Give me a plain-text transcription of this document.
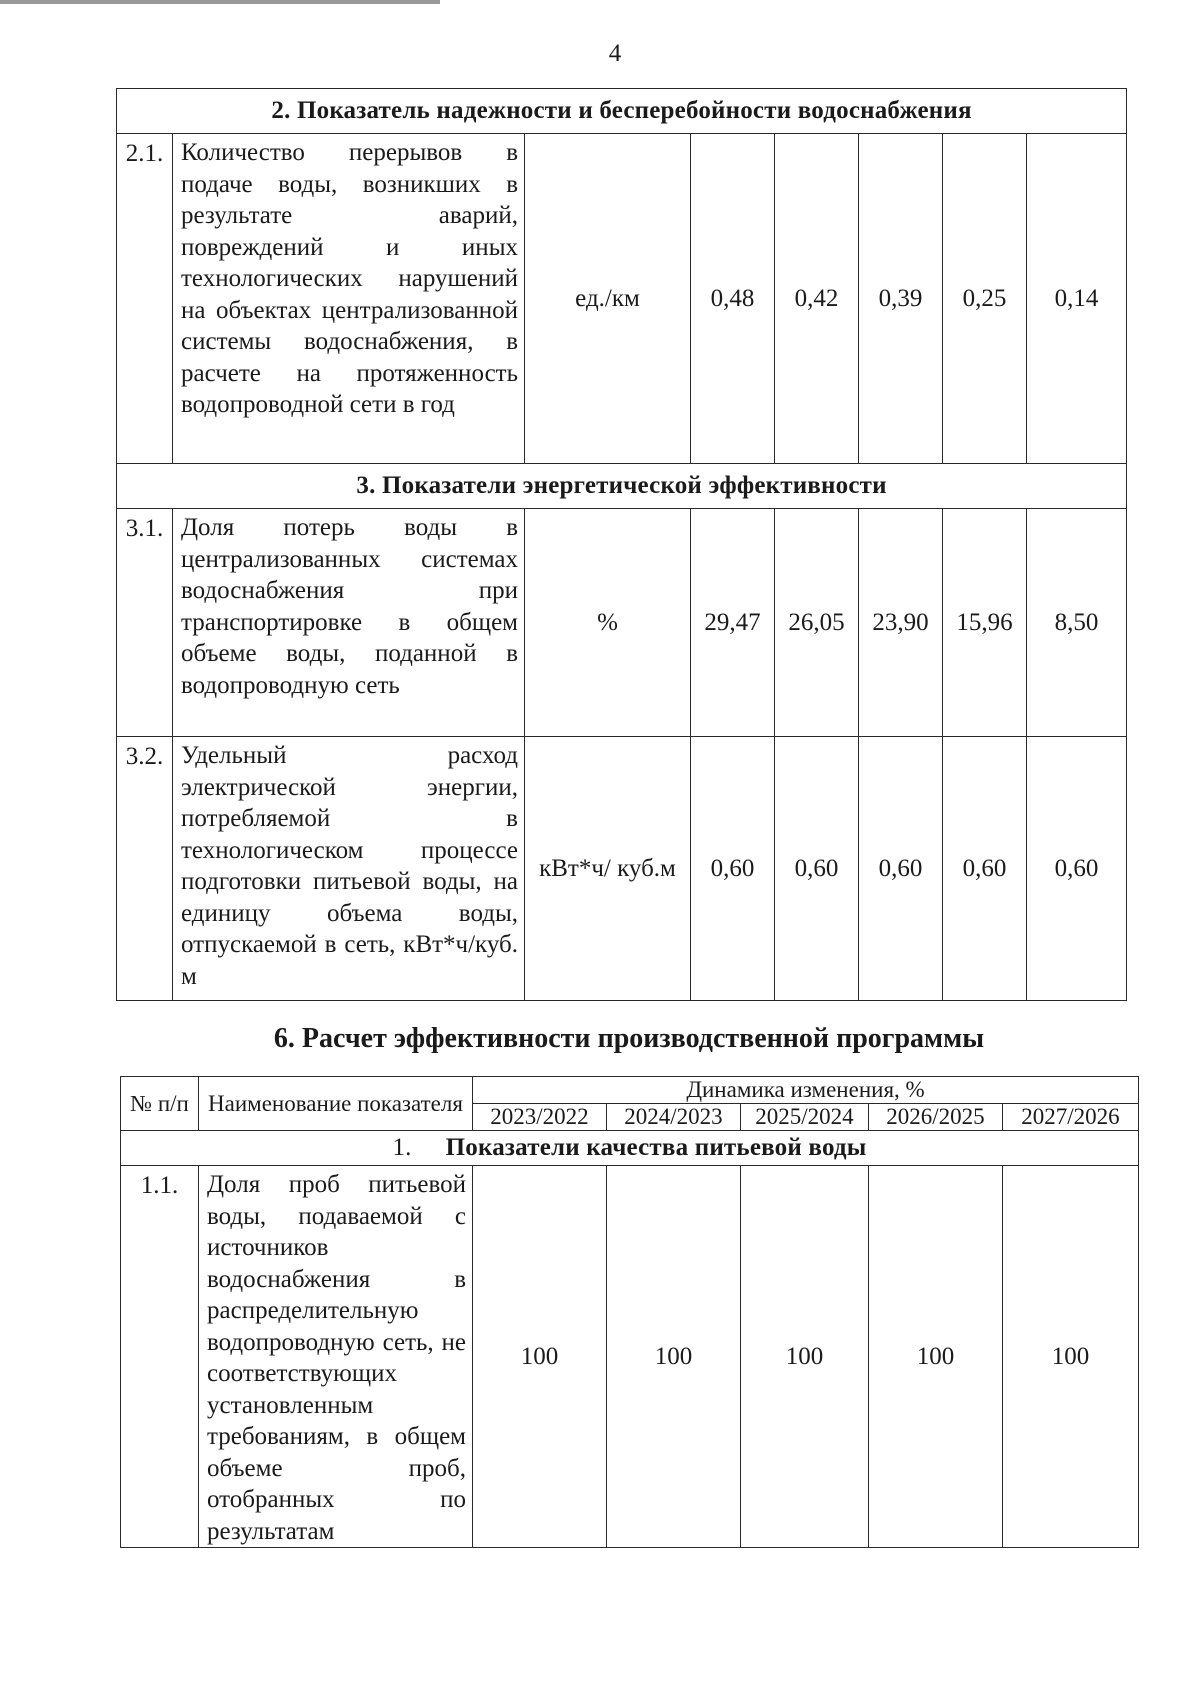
4
2. Показатель надежности и бесперебойности водоснабжения							
2.1.	Количество перерывов в подаче воды, возникших в результате аварий, повреждений и иных технологических нарушений на объектах централизованной системы водоснабжения, в расчете на протяженность водопроводной сети в год	ед./км	0,48	0,42	0,39	0,25	0,14
3. Показатели энергетической эффективности							
3.1.	Доля потерь воды в централизованных системах водоснабжения при транспортировке в общем объеме воды, поданной в водопроводную сеть	%	29,47	26,05	23,90	15,96	8,50
3.2.	Удельный расход электрической энергии, потребляемой в технологическом процессе подготовки питьевой воды, на единицу объема воды, отпускаемой в сеть, кВт*ч/куб. м	кВт*ч/ куб.м	0,60	0,60	0,60	0,60	0,60
6. Расчет эффективности производственной программы
№ п/п	Наименование показателя	Динамика изменения, %				
		2023/2022	2024/2023	2025/2024	2026/2025	2027/2026
1. Показатели качества питьевой воды						
1.1.	Доля проб питьевой воды, подаваемой с источников водоснабжения в распределительную водопроводную сеть, не соответствующих установленным требованиям, в общем объеме проб, отобранных по результатам	100	100	100	100	100
